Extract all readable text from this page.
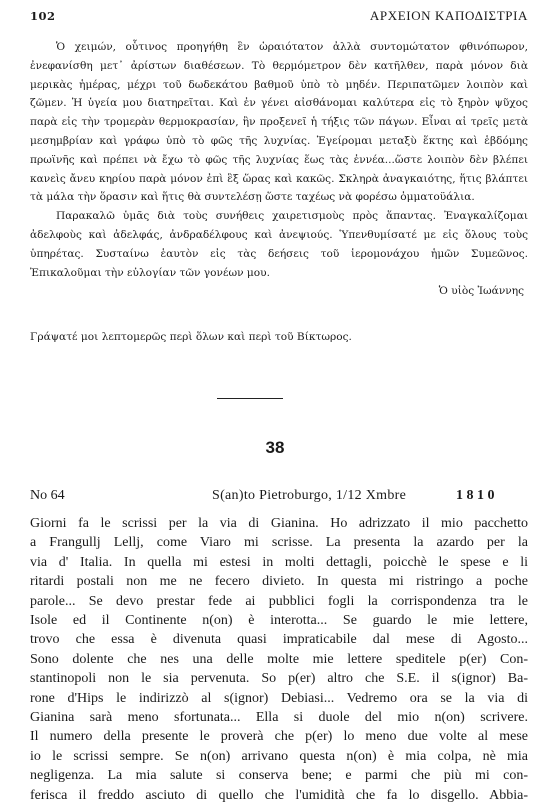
102	ΑΡΧΕΙΟΝ ΚΑΠΟΔΙΣΤΡΙΑ

Ὁ χειμών, οὗτινος προηγήθη ἓν ὡραιότατον ἀλλὰ συντομώτατον φθινόπωρον, ἐνεφανίσθη μετ᾽ ἀρίστων διαθέσεων. Τὸ θερμόμετρον δὲν κατῆλθεν, παρὰ μόνον διὰ μερικὰς ἡμέρας, μέχρι τοῦ δωδεκάτου βαθμοῦ ὑπὸ τὸ μηδέν. Περιπατῶμεν λοιπὸν καὶ ζῶμεν. Ἡ ὑγεία μου διατηρεῖται. Καὶ ἐν γένει αἰσθάνομαι καλύτερα εἰς τὸ ξηρὸν ψῦχος παρὰ εἰς τὴν τρομερὰν θερμοκρασίαν, ἢν προξενεῖ ἡ τήξις τῶν πάγων. Εἶναι αἱ τρεῖς μετὰ μεσημβρίαν καὶ γράφω ὑπὸ τὸ φῶς τῆς λυχνίας. Ἐγείρομαι μεταξὺ ἕκτης καὶ ἑβδόμης πρωϊνῆς καὶ πρέπει νὰ ἔχω τὸ φῶς τῆς λυχνίας ἕως τὰς ἐννέα...ὥστε λοιπὸν δὲν βλέπει κανεὶς ἄνευ κηρίου παρὰ μόνον ἐπὶ ἓξ ὥρας καὶ κακῶς. Σκληρὰ ἀναγκαιότης, ἥτις βλάπτει τὰ μάλα τὴν ὅρασιν καὶ ἥτις θὰ συντελέσῃ ὥστε ταχέως νὰ φορέσω ὀμματοϋάλια.

Παρακαλῶ ὑμᾶς διὰ τοὺς συνήθεις χαιρετισμοὺς πρὸς ἅπαντας. Ἐναγκαλίζομαι ἀδελφοὺς καὶ ἀδελφάς, ἀνδραδέλφους καὶ ἀνεψιούς. Ὑπενθυμίσατέ με εἰς ὅλους τοὺς ὑπηρέτας. Συσταίνω ἑαυτὸν εἰς τὰς δεήσεις τοῦ ἱερομονάχου ἡμῶν Συμεῶνος. Ἐπικαλοῦμαι τὴν εὐλογίαν τῶν γονέων μου.

Ὁ υἱὸς Ἰωάννης
Γράψατέ μοι λεπτομερῶς περὶ ὅλων καὶ περὶ τοῦ Βίκτωρος.
38
No 64	S(an)to Pietroburgo, 1/12 Xmbre	1810
Giorni fa le scrissi per la via di Gianina. Ho adrizzato il mio pacchetto
a Frangullj Lellj, come Viaro mi scrisse. La presenta la azardo per la
via d' Italia. In quella mi estesi in molti dettagli, poicchè le spese e li
ritardi postali non me ne fecero divieto. In questa mi ristringo a poche
parole... Se devo prestar fede ai pubblici fogli la corrispondenza tra le
Isole ed il Continente n(on) è interotta... Se guardo le mie lettere,
trovo che essa è divenuta quasi impraticabile dal mese di Agosto...
Sono dolente che nes una delle molte mie lettere speditele p(er) Con-
stantinopoli non le sia pervenuta. So p(er) altro che S.E. il s(ignor) Ba-
rone d'Hips le indirizzò al s(ignor) Debiasi... Vedremo ora se la via di
Gianina sarà meno sfortunata... Ella si duole del mio n(on) scrivere.
Il numero della presente le proverà che p(er) lo meno due volte al mese
io le scrissi sempre. Se n(on) arrivano questa n(on) è mia colpa, nè mia
negligenza. La mia salute si conserva bene; e parmi che più mi con-
ferisca il freddo asciuto di quello che l'umidità che fa lo disgello. Abbia-
